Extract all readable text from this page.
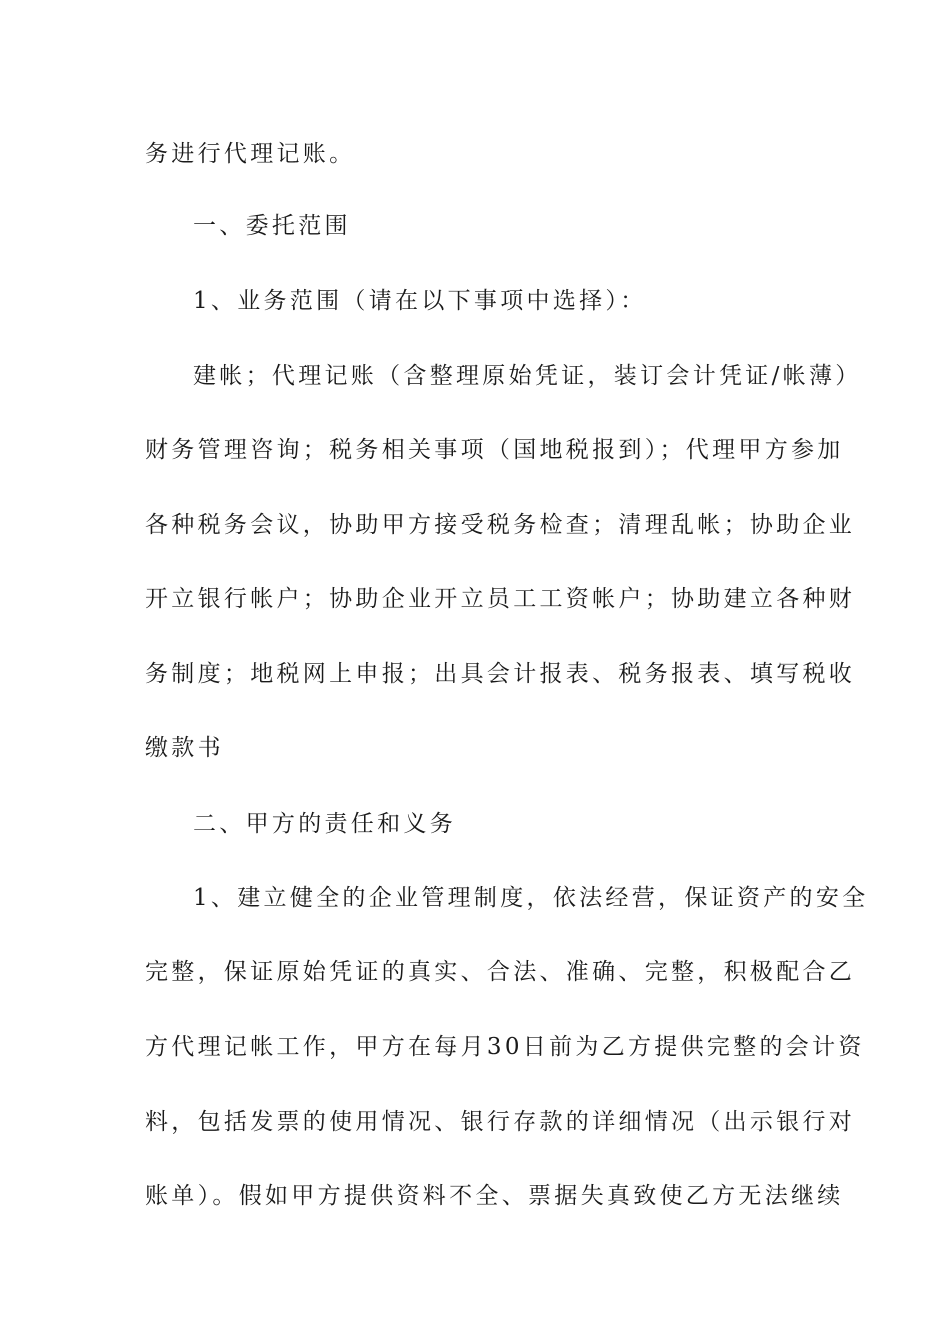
务进行代理记账。
一、委托范围
1、业务范围（请在以下事项中选择）：
建帐；代理记账（含整理原始凭证，装订会计凭证/帐薄）
财务管理咨询；税务相关事项（国地税报到）；代理甲方参加
各种税务会议，协助甲方接受税务检查；清理乱帐；协助企业
开立银行帐户；协助企业开立员工工资帐户；协助建立各种财
务制度；地税网上申报；出具会计报表、税务报表、填写税收
缴款书
二、甲方的责任和义务
1、建立健全的企业管理制度，依法经营，保证资产的安全
完整，保证原始凭证的真实、合法、准确、完整，积极配合乙
方代理记帐工作，甲方在每月30日前为乙方提供完整的会计资
料，包括发票的使用情况、银行存款的详细情况（出示银行对
账单）。假如甲方提供资料不全、票据失真致使乙方无法继续
